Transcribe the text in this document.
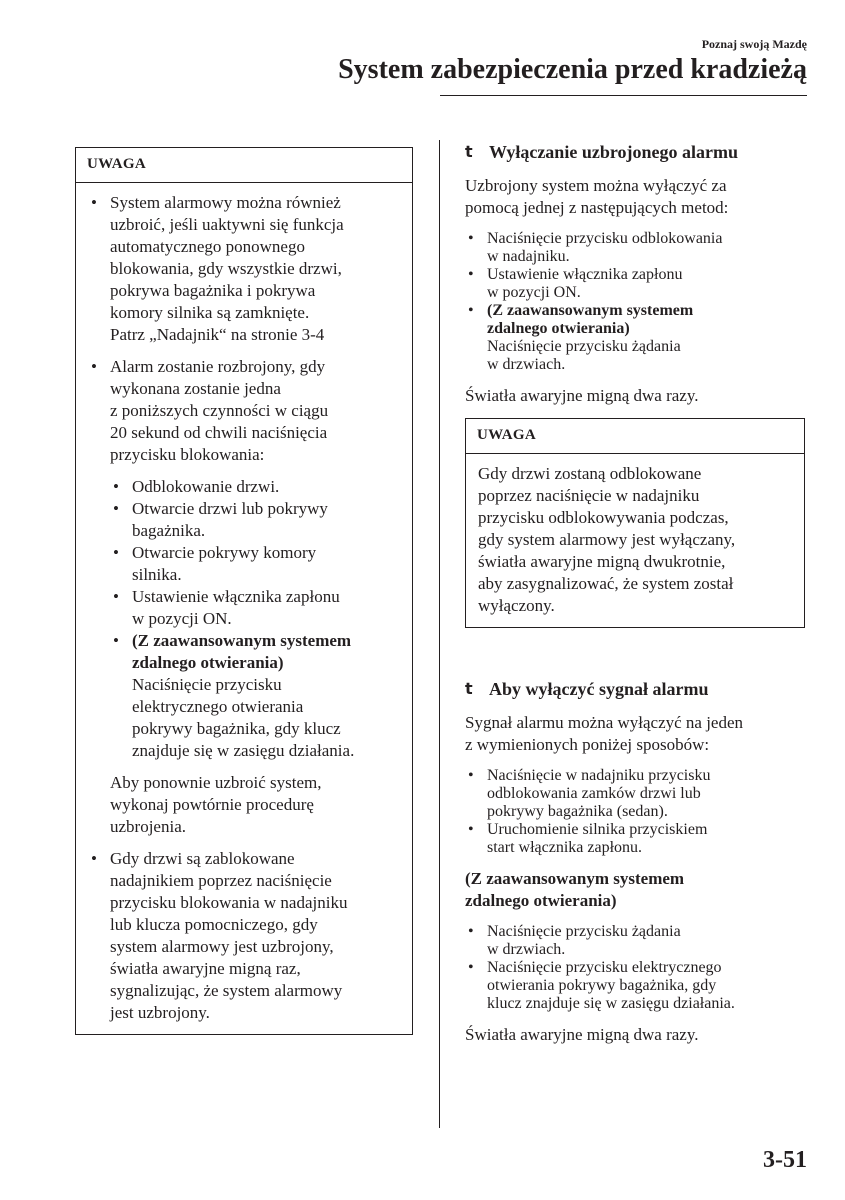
Poznaj swoją Mazdę
System zabezpieczenia przed kradzieżą
UWAGA
• System alarmowy można również
uzbroić, jeśli uaktywni się funkcja
automatycznego ponownego
blokowania, gdy wszystkie drzwi,
pokrywa bagażnika i pokrywa
komory silnika są zamknięte.
Patrz „Nadajnik“ na stronie 3-4
• Alarm zostanie rozbrojony, gdy
wykonana zostanie jedna
z poniższych czynności w ciągu
20 sekund od chwili naciśnięcia
przycisku blokowania:
• Odblokowanie drzwi.
• Otwarcie drzwi lub pokrywy
bagażnika.
• Otwarcie pokrywy komory
silnika.
• Ustawienie włącznika zapłonu
w pozycji ON.
• (Z zaawansowanym systemem
zdalnego otwierania)
Naciśnięcie przycisku
elektrycznego otwierania
pokrywy bagażnika, gdy klucz
znajduje się w zasięgu działania.
Aby ponownie uzbroić system,
wykonaj powtórnie procedurę
uzbrojenia.
• Gdy drzwi są zablokowane
nadajnikiem poprzez naciśnięcie
przycisku blokowania w nadajniku
lub klucza pomocniczego, gdy
system alarmowy jest uzbrojony,
światła awaryjne migną raz,
sygnalizując, że system alarmowy
jest uzbrojony.
t Wyłączanie uzbrojonego alarmu

Uzbrojony system można wyłączyć za
pomocą jednej z następujących metod:

• Naciśnięcie przycisku odblokowania
w nadajniku.
• Ustawienie włącznika zapłonu
w pozycji ON.
• (Z zaawansowanym systemem
zdalnego otwierania)
Naciśnięcie przycisku żądania
w drzwiach.

Światła awaryjne migną dwa razy.

UWAGA
Gdy drzwi zostaną odblokowane
poprzez naciśnięcie w nadajniku
przycisku odblokowywania podczas,
gdy system alarmowy jest wyłączany,
światła awaryjne migną dwukrotnie,
aby zasygnalizować, że system został
wyłączony.
t Aby wyłączyć sygnał alarmu

Sygnał alarmu można wyłączyć na jeden
z wymienionych poniżej sposobów:

• Naciśnięcie w nadajniku przycisku
odblokowania zamków drzwi lub
pokrywy bagażnika (sedan).
• Uruchomienie silnika przyciskiem
start włącznika zapłonu.

(Z zaawansowanym systemem
zdalnego otwierania)

• Naciśnięcie przycisku żądania
w drzwiach.
• Naciśnięcie przycisku elektrycznego
otwierania pokrywy bagażnika, gdy
klucz znajduje się w zasięgu działania.

Światła awaryjne migną dwa razy.

3-51
